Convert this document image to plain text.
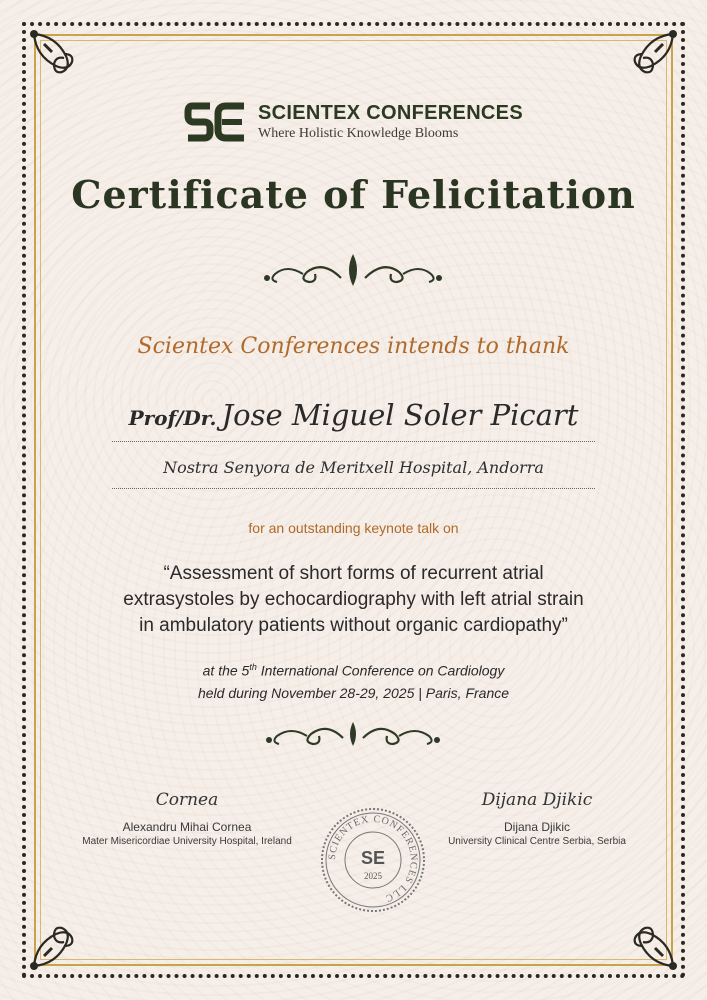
SCIENTEX CONFERENCES
Where Holistic Knowledge Blooms
Certificate of Felicitation
Scientex Conferences intends to thank
Prof/Dr. Jose Miguel Soler Picart
Nostra Senyora de Meritxell Hospital, Andorra
for an outstanding keynote talk on
“Assessment of short forms of recurrent atrial
extrasystoles by echocardiography with left atrial strain
in ambulatory patients without organic cardiopathy”
at the 5th International Conference on Cardiology
held during November 28-29, 2025 | Paris, France
Cornea
Alexandru Mihai Cornea
Mater Misericordiae University Hospital, Ireland
SCIENTEX CONFERENCES LLC
SE
2025
Dijana Djikic
Dijana Djikic
University Clinical Centre Serbia, Serbia
